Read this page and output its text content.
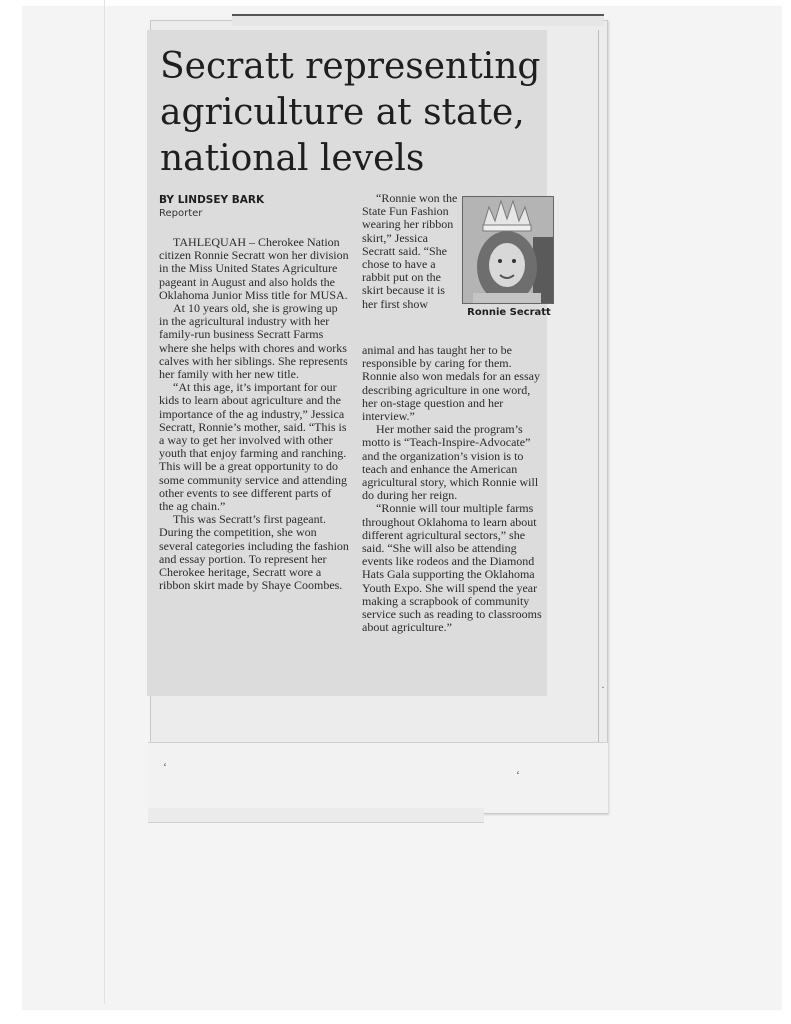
Secratt representing agriculture at state, national levels
BY LINDSEY BARK
Reporter

TAHLEQUAH – Cherokee Nation citizen Ronnie Secratt won her division in the Miss United States Agriculture pageant in August and also holds the Oklahoma Junior Miss title for MUSA.

At 10 years old, she is growing up in the agricultural industry with her family-run business Secratt Farms where she helps with chores and works calves with her siblings. She represents her family with her new title.

“At this age, it’s important for our kids to learn about agriculture and the importance of the ag industry,” Jessica Secratt, Ronnie’s mother, said. “This is a way to get her involved with other youth that enjoy farming and ranching. This will be a great opportunity to do some community service and attending other events to see different parts of the ag chain.”

This was Secratt’s first pageant. During the competition, she won several categories including the fashion and essay portion. To represent her Cherokee heritage, Secratt wore a ribbon skirt made by Shaye Coombes.

“Ronnie won the State Fun Fashion wearing her ribbon skirt,” Jessica Secratt said. “She chose to have a rabbit put on the skirt because it is her first show

Ronnie Secratt

animal and has taught her to be responsible by caring for them. Ronnie also won medals for an essay describing agriculture in one word, her on-stage question and her interview.”

Her mother said the program’s motto is “Teach-Inspire-Advocate” and the organization’s vision is to teach and enhance the American agricultural story, which Ronnie will do during her reign.

“Ronnie will tour multiple farms throughout Oklahoma to learn about different agricultural sectors,” she said. “She will also be attending events like rodeos and the Diamond Hats Gala supporting the Oklahoma Youth Expo. She will spend the year making a scrapbook of community service such as reading to classrooms about agriculture.”

‘
‘
·
